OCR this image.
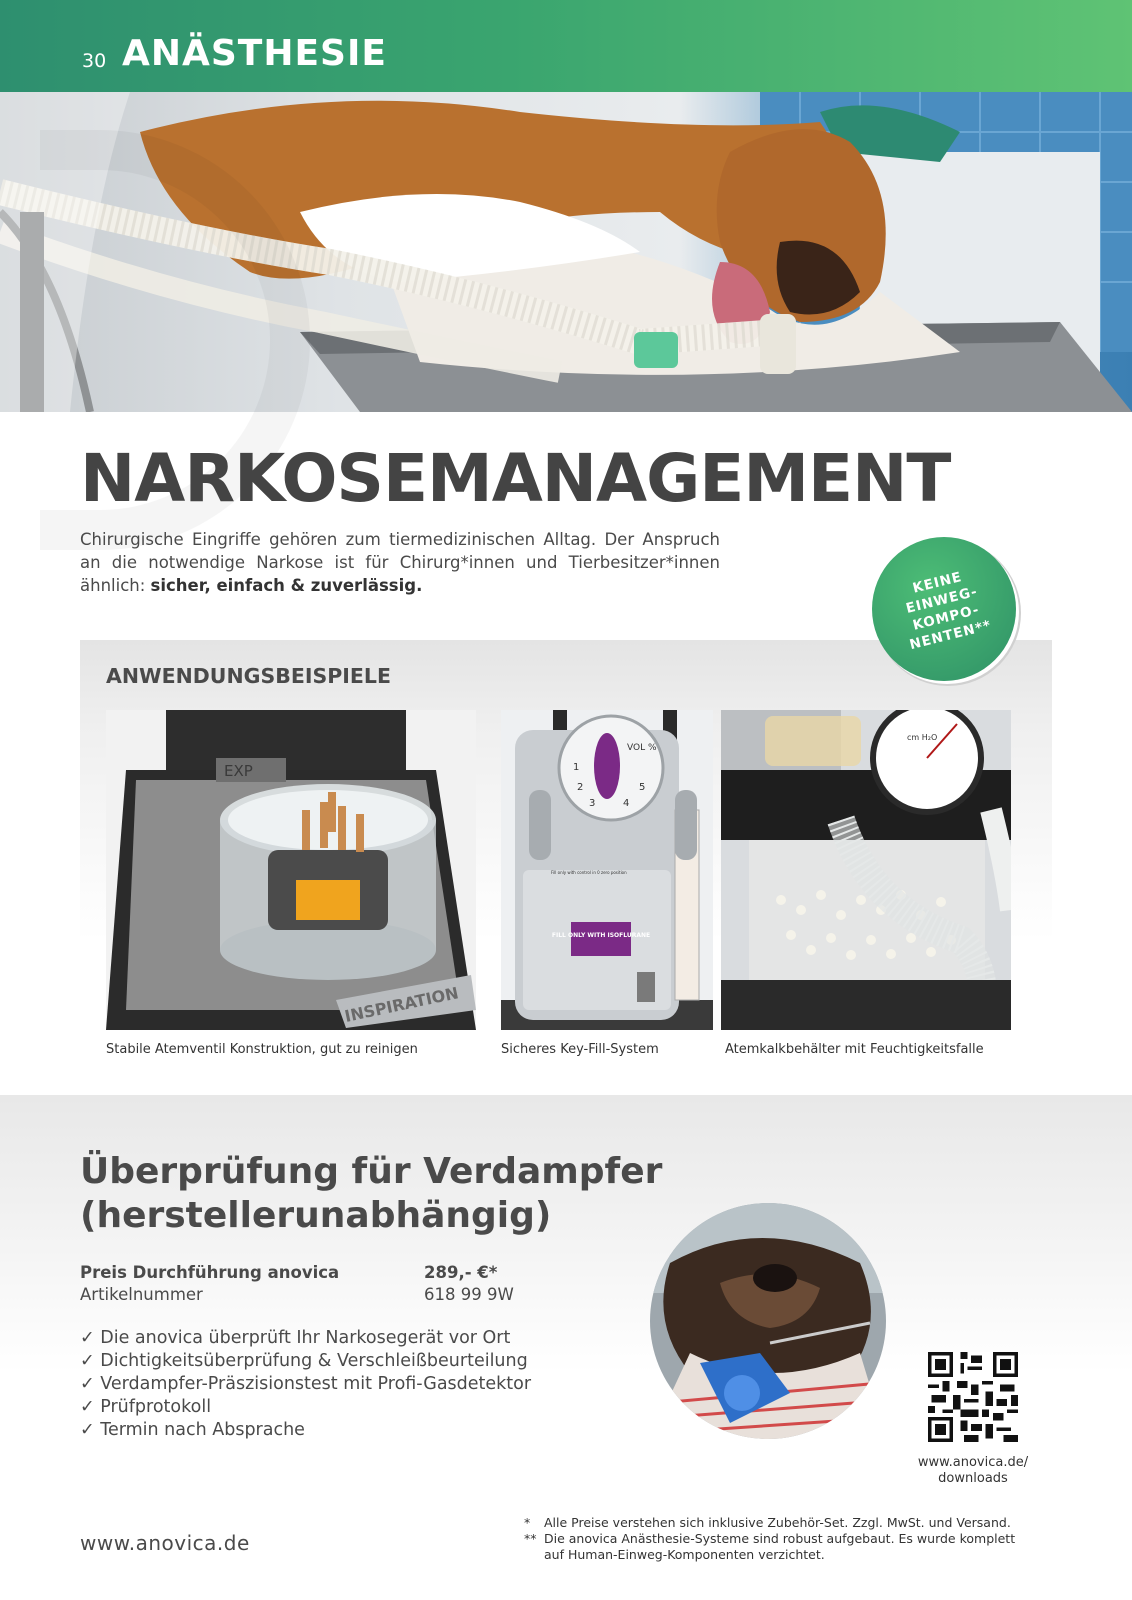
30 ANÄSTHESIE
NARKOSEMANAGEMENT

Chirurgische Eingriffe gehören zum tiermedizinischen Alltag. Der Anspruch an die notwendige Narkose ist für Chirurg*innen und Tierbesitzer*innen ähnlich: sicher, einfach & zuverlässig.

ANWENDUNGSBEISPIELE
EXP
INSPIRATION
1
2
3	4
5
VOL %
Fill only with control in 0 zero position
FILL ONLY WITH ISOFLURANE
cm H₂O
Stabile Atemventil Konstruktion, gut zu reinigen	Sicheres Key-Fill-System	Atemkalkbehälter mit Feuchtigkeitsfalle
KEINE
EINWEG-
KOMPO-
NENTEN**
Überprüfung für Verdampfer
(herstellerunabhängig)
Preis Durchführung anovica	289,- €*
Artikelnummer	618 99 9W
✓ Die anovica überprüft Ihr Narkosegerät vor Ort
✓ Dichtigkeitsüberprüfung & Verschleißbeurteilung
✓ Verdampfer-Präszisionstest mit Profi-Gasdetektor
✓ Prüfprotokoll
✓ Termin nach Absprache
www.anovica.de/
downloads
www.anovica.de
* Alle Preise verstehen sich inklusive Zubehör-Set. Zzgl. MwSt. und Versand.
** Die anovica Anästhesie-Systeme sind robust aufgebaut. Es wurde komplett
auf Human-Einweg-Komponenten verzichtet.
